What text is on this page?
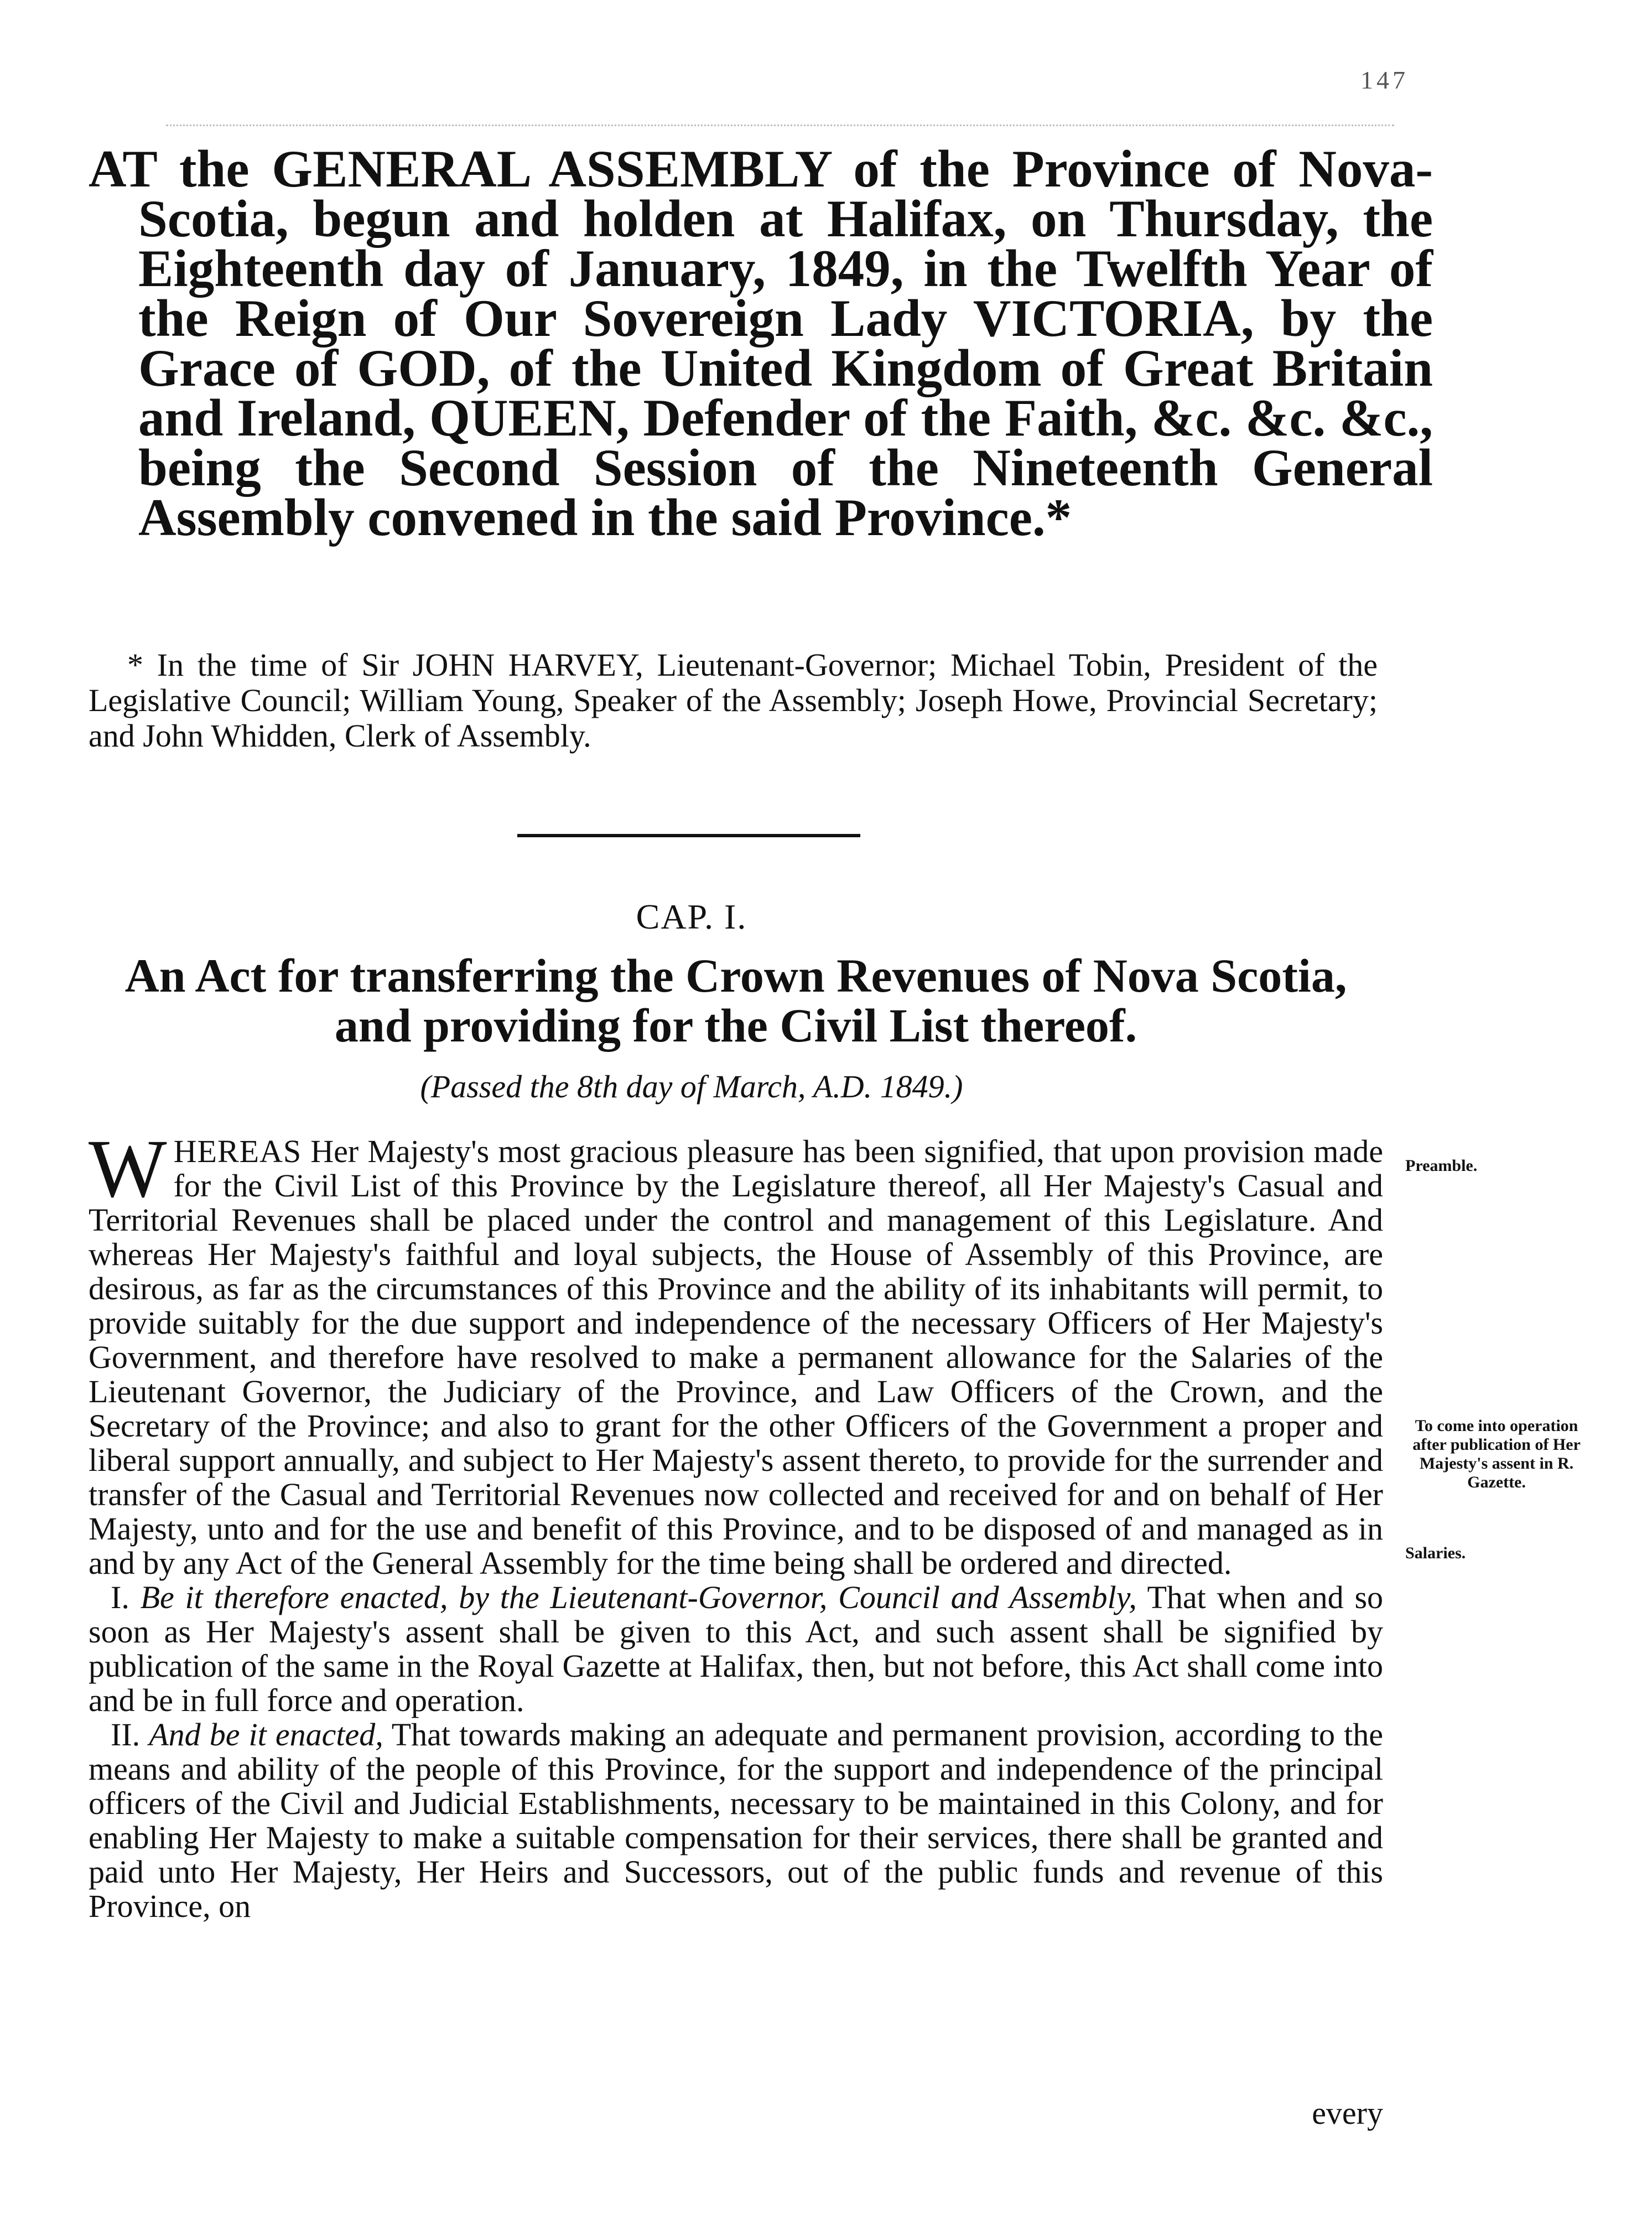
147
AT the GENERAL ASSEMBLY of the Province of Nova-Scotia, begun and holden at Halifax, on Thursday, the Eighteenth day of January, 1849, in the Twelfth Year of the Reign of Our Sovereign Lady VICTORIA, by the Grace of GOD, of the United Kingdom of Great Britain and Ireland, QUEEN, Defender of the Faith, &c. &c. &c., being the Second Session of the Nineteenth General Assembly convened in the said Province.*

* In the time of Sir JOHN HARVEY, Lieutenant-Governor; Michael Tobin, President of the Legislative Council; William Young, Speaker of the Assembly; Joseph Howe, Provincial Secretary; and John Whidden, Clerk of Assembly.

CAP. I.
An Act for transferring the Crown Revenues of Nova Scotia, and providing for the Civil List thereof.
(Passed the 8th day of March, A.D. 1849.)

WHEREAS Her Majesty's most gracious pleasure has been signified, that upon provision made for the Civil List of this Province by the Legislature thereof, all Her Majesty's Casual and Territorial Revenues shall be placed under the control and management of this Legislature. And whereas Her Majesty's faithful and loyal subjects, the House of Assembly of this Province, are desirous, as far as the circumstances of this Province and the ability of its inhabitants will permit, to provide suitably for the due support and independence of the necessary Officers of Her Majesty's Government, and therefore have resolved to make a permanent allowance for the Salaries of the Lieutenant Governor, the Judiciary of the Province, and Law Officers of the Crown, and the Secretary of the Province; and also to grant for the other Officers of the Government a proper and liberal support annually, and subject to Her Majesty's assent thereto, to provide for the surrender and transfer of the Casual and Territorial Revenues now collected and received for and on behalf of Her Majesty, unto and for the use and benefit of this Province, and to be disposed of and managed as in and by any Act of the General Assembly for the time being shall be ordered and directed.

I. Be it therefore enacted, by the Lieutenant-Governor, Council and Assembly, That when and so soon as Her Majesty's assent shall be given to this Act, and such assent shall be signified by publication of the same in the Royal Gazette at Halifax, then, but not before, this Act shall come into and be in full force and operation.

II. And be it enacted, That towards making an adequate and permanent provision, according to the means and ability of the people of this Province, for the support and independence of the principal officers of the Civil and Judicial Establishments, necessary to be maintained in this Colony, and for enabling Her Majesty to make a suitable compensation for their services, there shall be granted and paid unto Her Majesty, Her Heirs and Successors, out of the public funds and revenue of this Province, on

every
Preamble.
To come into operation after publication of Her Majesty's assent in R. Gazette.
Salaries.
